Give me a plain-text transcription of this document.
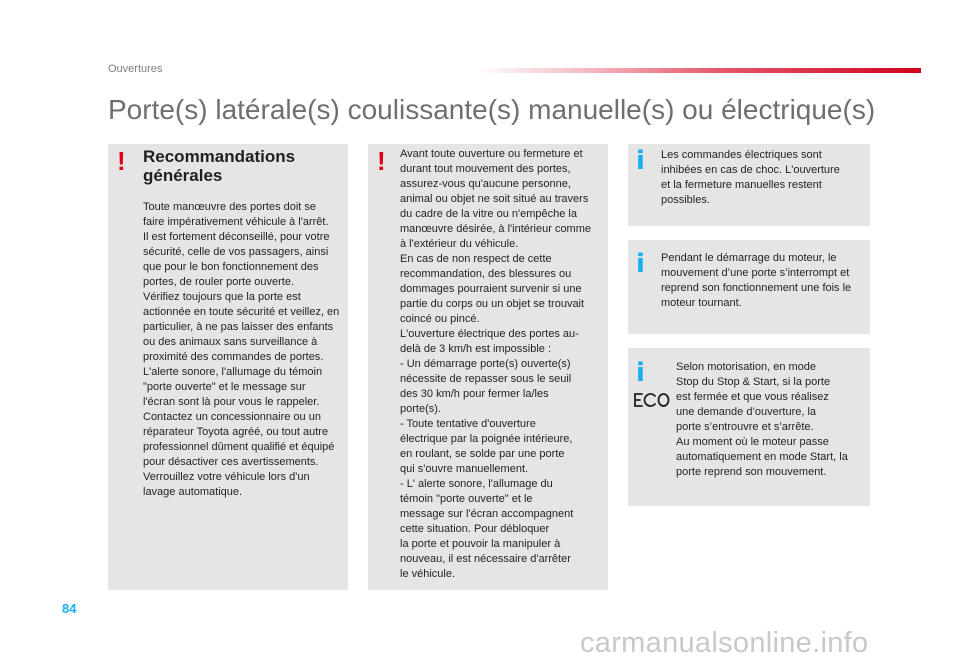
Ouvertures
Porte(s) latérale(s) coulissante(s) manuelle(s) ou électrique(s)
! Recommandations
générales
Toute manœuvre des portes doit se
faire impérativement véhicule à l'arrêt.
Il est fortement déconseillé, pour votre
sécurité, celle de vos passagers, ainsi
que pour le bon fonctionnement des
portes, de rouler porte ouverte.
Vérifiez toujours que la porte est
actionnée en toute sécurité et veillez, en
particulier, à ne pas laisser des enfants
ou des animaux sans surveillance à
proximité des commandes de portes.
L'alerte sonore, l'allumage du témoin
"porte ouverte" et le message sur
l'écran sont là pour vous le rappeler.
Contactez un concessionnaire ou un
réparateur Toyota agréé, ou tout autre
professionnel dûment qualifié et équipé
pour désactiver ces avertissements.
Verrouillez votre véhicule lors d'un
lavage automatique.
! Avant toute ouverture ou fermeture et
durant tout mouvement des portes,
assurez-vous qu'aucune personne,
animal ou objet ne soit situé au travers
du cadre de la vitre ou n'empêche la
manœuvre désirée, à l'intérieur comme
à l'extérieur du véhicule.
En cas de non respect de cette
recommandation, des blessures ou
dommages pourraient survenir si une
partie du corps ou un objet se trouvait
coincé ou pincé.
L'ouverture électrique des portes au-
delà de 3 km/h est impossible :
- Un démarrage porte(s) ouverte(s)
nécessite de repasser sous le seuil
des 30 km/h pour fermer la/les
porte(s).
- Toute tentative d'ouverture
électrique par la poignée intérieure,
en roulant, se solde par une porte
qui s'ouvre manuellement.
- L' alerte sonore, l'allumage du
témoin "porte ouverte" et le
message sur l'écran accompagnent
cette situation. Pour débloquer
la porte et pouvoir la manipuler à
nouveau, il est nécessaire d'arrêter
le véhicule.
i Les commandes électriques sont
inhibées en cas de choc. L'ouverture
et la fermeture manuelles restent
possibles.
i Pendant le démarrage du moteur, le
mouvement d’une porte s’interrompt et
reprend son fonctionnement une fois le
moteur tournant.
i	Selon motorisation, en mode
Stop du Stop & Start, si la porte
est fermée et que vous réalisez
une demande d’ouverture, la
porte s’entrouvre et s’arrête.
Au moment où le moteur passe
automatiquement en mode Start, la
porte reprend son mouvement.
84
carmanualsonline.info
